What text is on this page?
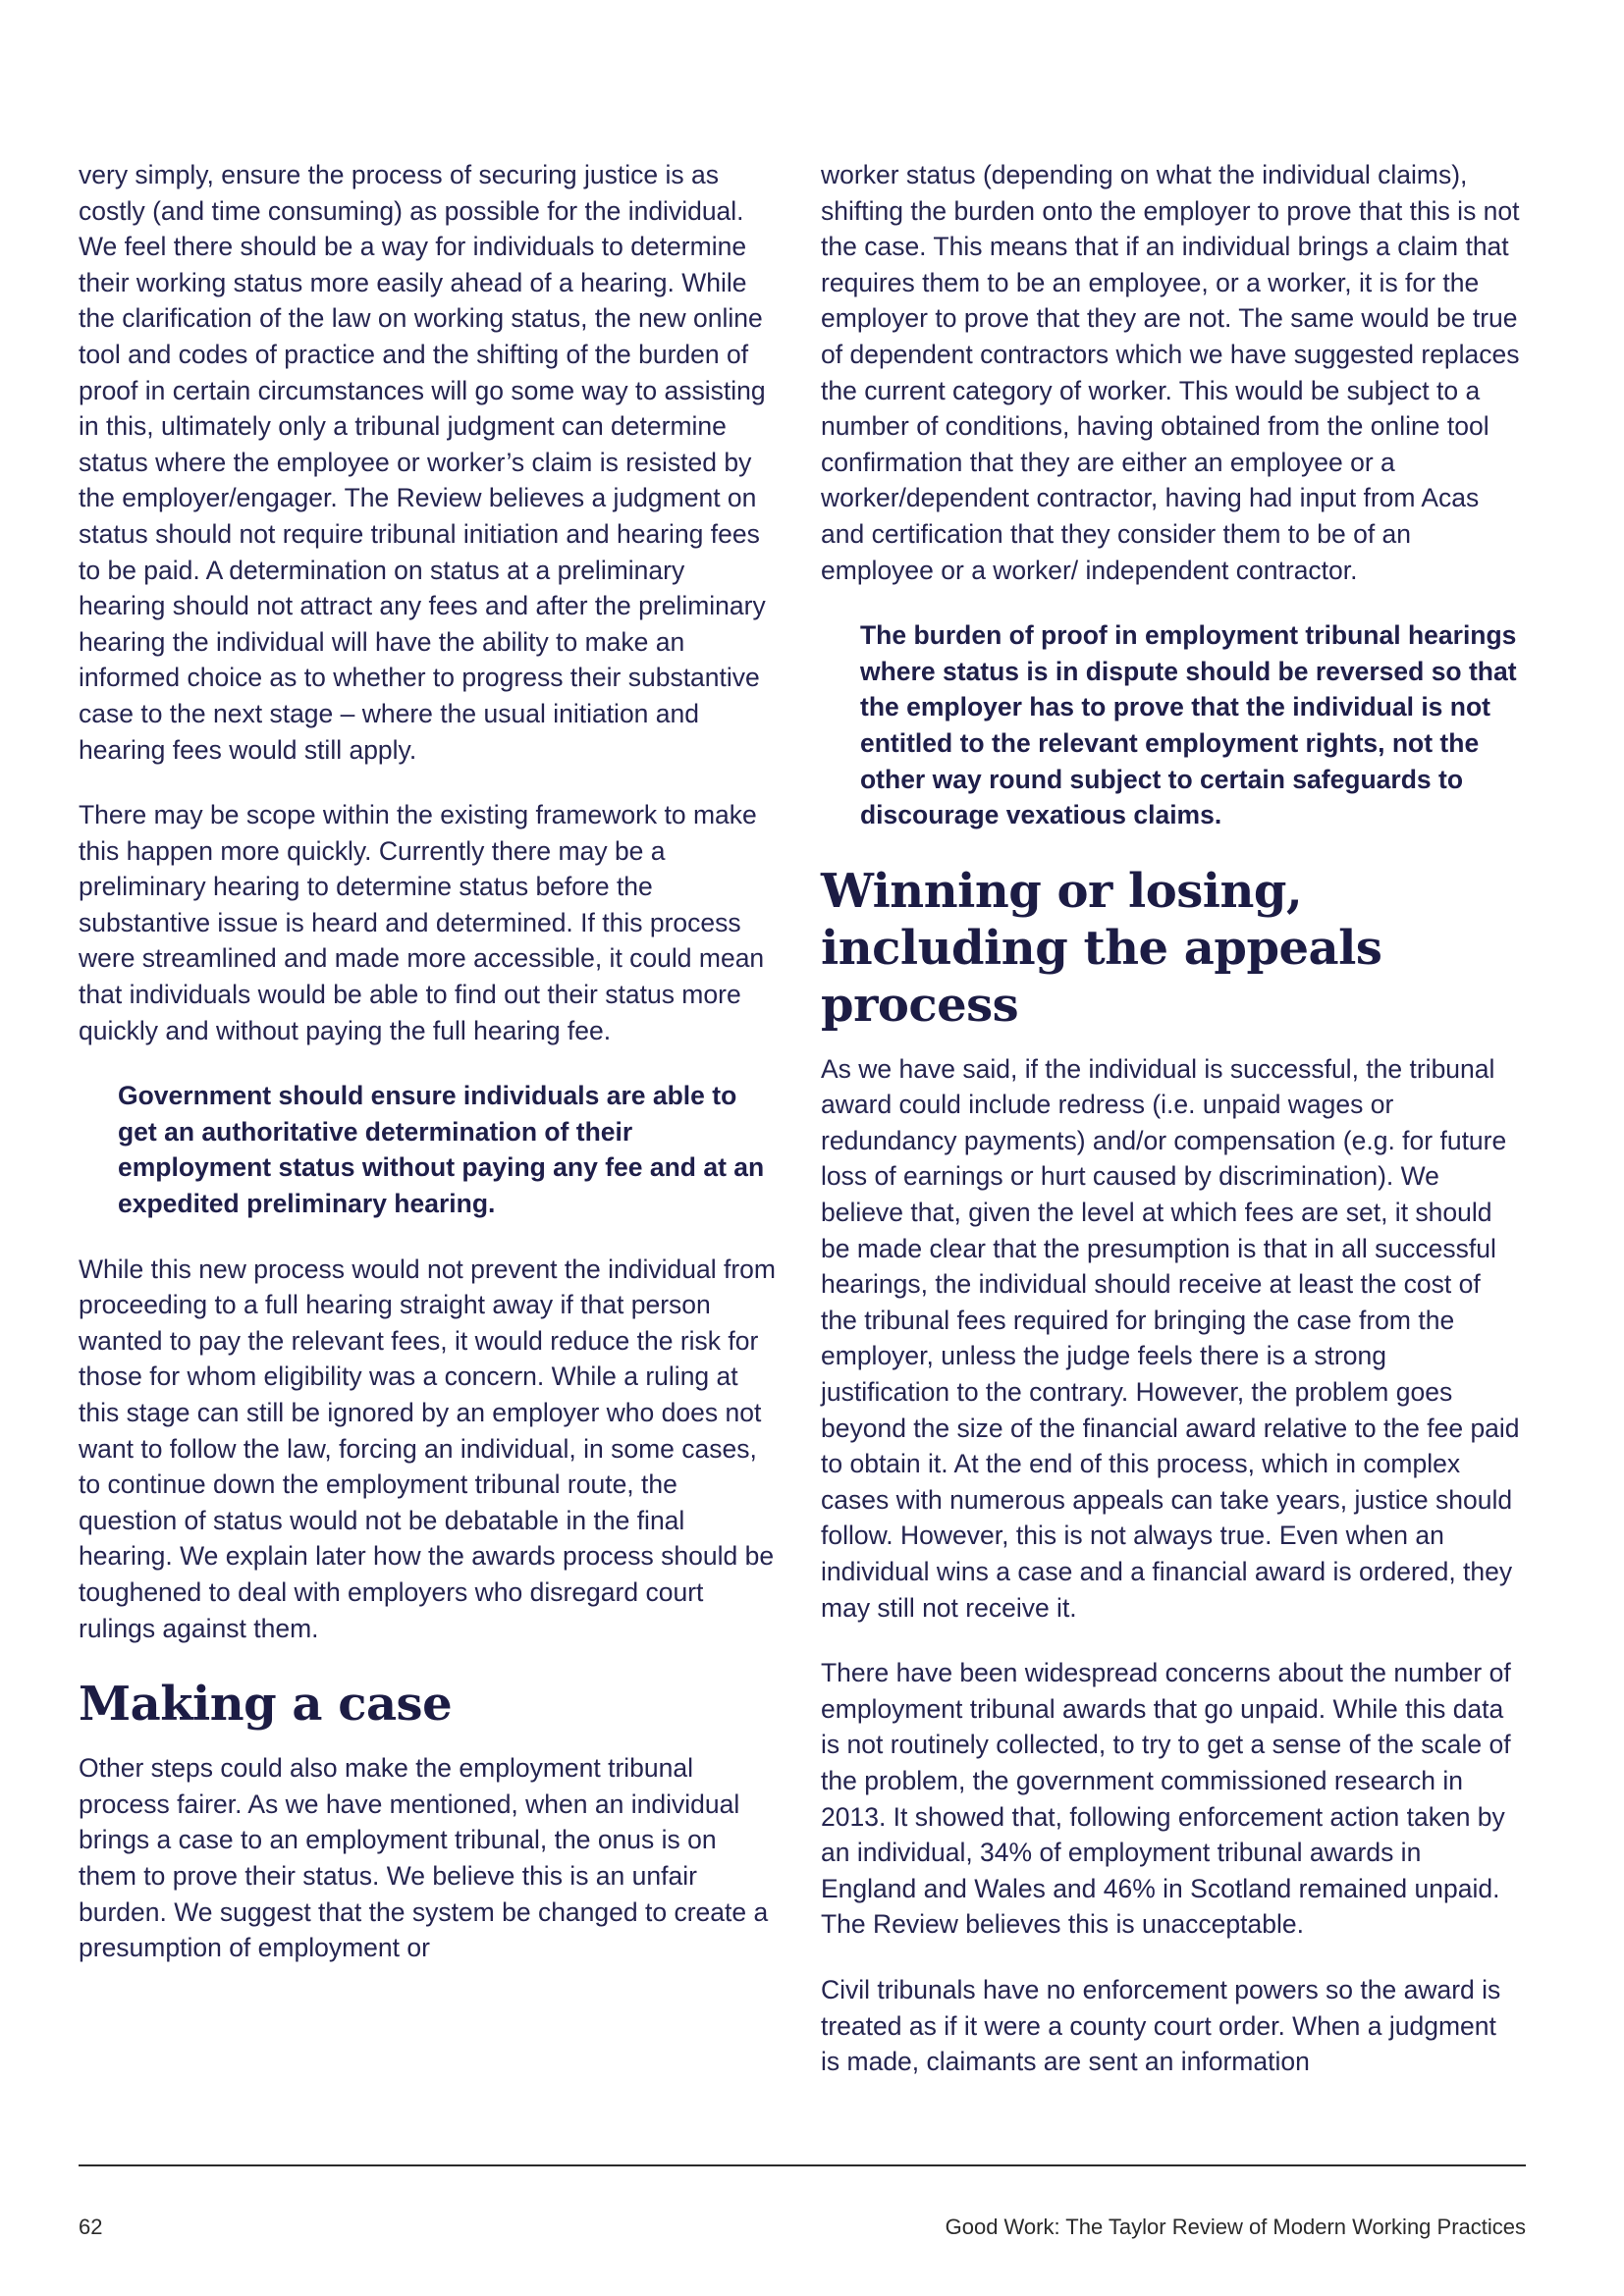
very simply, ensure the process of securing justice is as costly (and time consuming) as possible for the individual. We feel there should be a way for individuals to determine their working status more easily ahead of a hearing. While the clarification of the law on working status, the new online tool and codes of practice and the shifting of the burden of proof in certain circumstances will go some way to assisting in this, ultimately only a tribunal judgment can determine status where the employee or worker’s claim is resisted by the employer/engager. The Review believes a judgment on status should not require tribunal initiation and hearing fees to be paid. A determination on status at a preliminary hearing should not attract any fees and after the preliminary hearing the individual will have the ability to make an informed choice as to whether to progress their substantive case to the next stage – where the usual initiation and hearing fees would still apply.

There may be scope within the existing framework to make this happen more quickly. Currently there may be a preliminary hearing to determine status before the substantive issue is heard and determined. If this process were streamlined and made more accessible, it could mean that individuals would be able to find out their status more quickly and without paying the full hearing fee.

Government should ensure individuals are able to get an authoritative determination of their employment status without paying any fee and at an expedited preliminary hearing.

While this new process would not prevent the individual from proceeding to a full hearing straight away if that person wanted to pay the relevant fees, it would reduce the risk for those for whom eligibility was a concern. While a ruling at this stage can still be ignored by an employer who does not want to follow the law, forcing an individual, in some cases, to continue down the employment tribunal route, the question of status would not be debatable in the final hearing. We explain later how the awards process should be toughened to deal with employers who disregard court rulings against them.

Making a case

Other steps could also make the employment tribunal process fairer. As we have mentioned, when an individual brings a case to an employment tribunal, the onus is on them to prove their status. We believe this is an unfair burden. We suggest that the system be changed to create a presumption of employment or

worker status (depending on what the individual claims), shifting the burden onto the employer to prove that this is not the case. This means that if an individual brings a claim that requires them to be an employee, or a worker, it is for the employer to prove that they are not. The same would be true of dependent contractors which we have suggested replaces the current category of worker. This would be subject to a number of conditions, having obtained from the online tool confirmation that they are either an employee or a worker/dependent contractor, having had input from Acas and certification that they consider them to be of an employee or a worker/ independent contractor.

The burden of proof in employment tribunal hearings where status is in dispute should be reversed so that the employer has to prove that the individual is not entitled to the relevant employment rights, not the other way round subject to certain safeguards to discourage vexatious claims.

Winning or losing, including the appeals process

As we have said, if the individual is successful, the tribunal award could include redress (i.e. unpaid wages or redundancy payments) and/or compensation (e.g. for future loss of earnings or hurt caused by discrimination). We believe that, given the level at which fees are set, it should be made clear that the presumption is that in all successful hearings, the individual should receive at least the cost of the tribunal fees required for bringing the case from the employer, unless the judge feels there is a strong justification to the contrary. However, the problem goes beyond the size of the financial award relative to the fee paid to obtain it. At the end of this process, which in complex cases with numerous appeals can take years, justice should follow. However, this is not always true. Even when an individual wins a case and a financial award is ordered, they may still not receive it.

There have been widespread concerns about the number of employment tribunal awards that go unpaid. While this data is not routinely collected, to try to get a sense of the scale of the problem, the government commissioned research in 2013. It showed that, following enforcement action taken by an individual, 34% of employment tribunal awards in England and Wales and 46% in Scotland remained unpaid. The Review believes this is unacceptable.

Civil tribunals have no enforcement powers so the award is treated as if it were a county court order. When a judgment is made, claimants are sent an information

62	Good Work: The Taylor Review of Modern Working Practices
